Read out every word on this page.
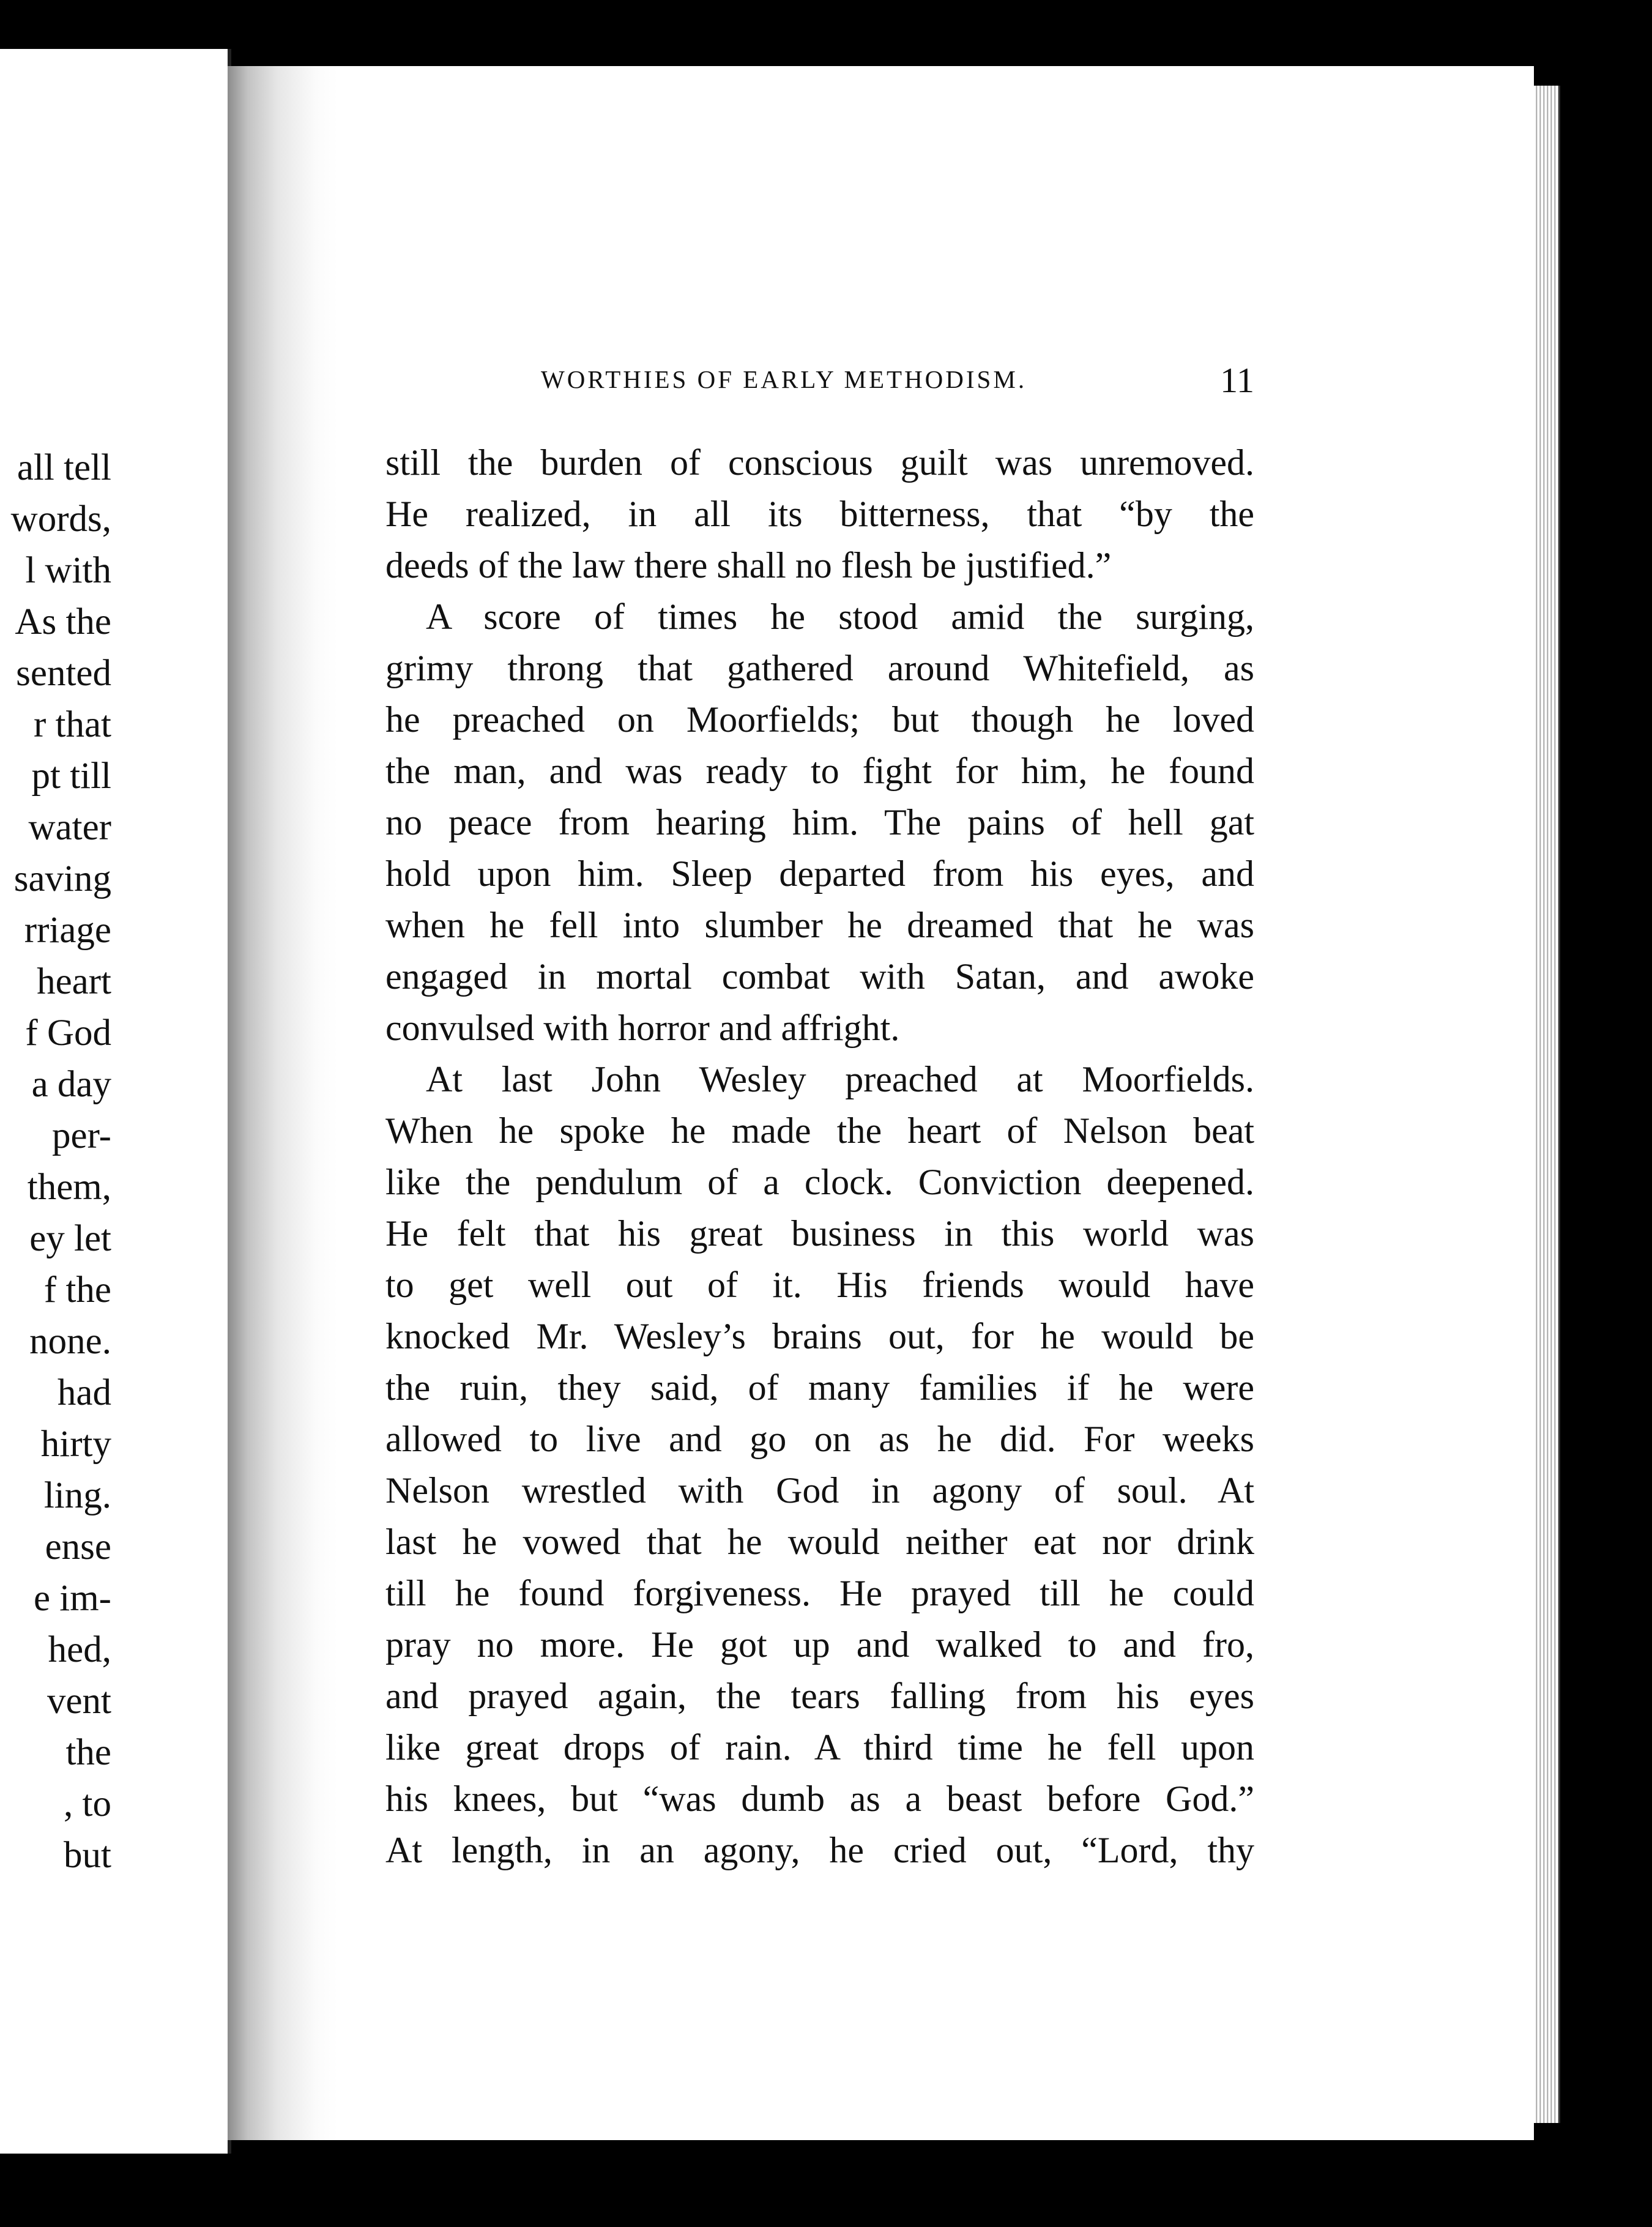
all tell
words,
l with
As the
sented
r that
pt till
water
saving
rriage
heart
f God
a day
per-
them,
ey let
f the
none.
had
hirty
ling.
ense
e im-
hed,
vent
the
, to
but
WORTHIES OF EARLY METHODISM.	11
still the burden of conscious guilt was unremoved.
He realized, in all its bitterness, that “by the
deeds of the law there shall no flesh be justified.”
A score of times he stood amid the surging,
grimy throng that gathered around Whitefield, as
he preached on Moorfields; but though he loved
the man, and was ready to fight for him, he found
no peace from hearing him. The pains of hell gat
hold upon him. Sleep departed from his eyes, and
when he fell into slumber he dreamed that he was
engaged in mortal combat with Satan, and awoke
convulsed with horror and affright.
At last John Wesley preached at Moorfields.
When he spoke he made the heart of Nelson beat
like the pendulum of a clock. Conviction deepened.
He felt that his great business in this world was
to get well out of it. His friends would have
knocked Mr. Wesley’s brains out, for he would be
the ruin, they said, of many families if he were
allowed to live and go on as he did. For weeks
Nelson wrestled with God in agony of soul. At
last he vowed that he would neither eat nor drink
till he found forgiveness. He prayed till he could
pray no more. He got up and walked to and fro,
and prayed again, the tears falling from his eyes
like great drops of rain. A third time he fell upon
his knees, but “was dumb as a beast before God.”
At length, in an agony, he cried out, “Lord, thy
